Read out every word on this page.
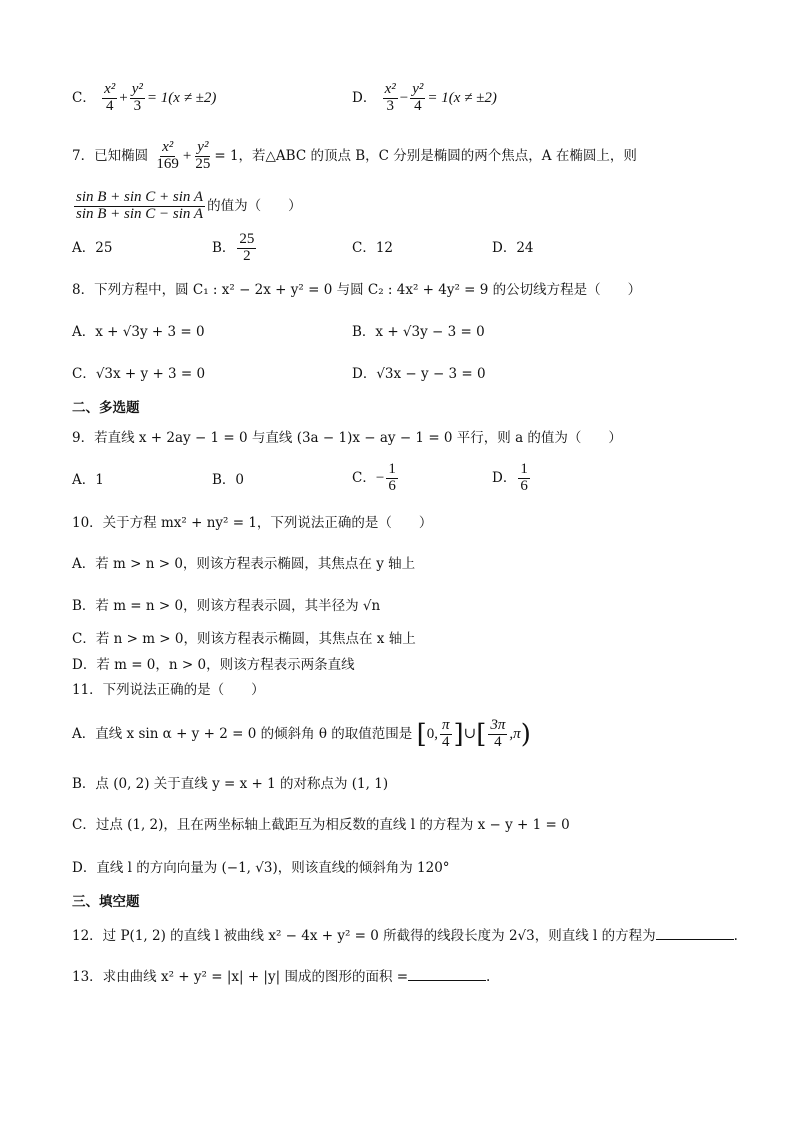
C． $\frac{\text{x²}}{4} + \frac{\text{y²}}{3} = 1(x \ne \pm 2)$	D． $\frac{\text{x²}}{3} - \frac{\text{y²}}{4} = 1(x \ne \pm 2)$
7．已知椭圆 $\frac{\text{x²}}{169} + \frac{\text{y²}}{25} = 1$，若△ABC 的顶点 B，C 分别是椭圆的两个焦点，A 在椭圆上，则
$\frac{\text{sin B + sin C + sin A}}{\text{sin B + sin C − sin A}}$ 的值为（　　）
A．25	B． $\frac{25}{2}$	C．12	D．24
8．下列方程中，圆 C₁ : x² − 2x + y² = 0 与圆 C₂ : 4x² + 4y² = 9 的公切线方程是（　　）
A．x + √3y + 3 = 0	B．x + √3y − 3 = 0
C．√3x + y + 3 = 0	D．√3x − y − 3 = 0
二、多选题
9．若直线 x + 2ay − 1 = 0 与直线 (3a − 1)x − ay − 1 = 0 平行，则 a 的值为（　　）
A．1	B．0	C．− $\frac{1}{6}$	D． $\frac{1}{6}$
10．关于方程 mx² + ny² = 1，下列说法正确的是（　　）
A．若 m > n > 0，则该方程表示椭圆，其焦点在 y 轴上
B．若 m = n > 0，则该方程表示圆，其半径为 √n
C．若 n > m > 0，则该方程表示椭圆，其焦点在 x 轴上
D．若 m = 0，n > 0，则该方程表示两条直线
11．下列说法正确的是（　　）
A．直线 x sin α + y + 2 = 0 的倾斜角 θ 的取值范围是 [0, $\frac{\pi}{4}$ ]∪[ $\frac{3\pi}{4} ,\pi$)
B．点 (0, 2) 关于直线 y = x + 1 的对称点为 (1, 1)
C．过点 (1, 2)，且在两坐标轴上截距互为相反数的直线 l 的方程为 x − y + 1 = 0
D．直线 l 的方向向量为 (−1, √3)，则该直线的倾斜角为 120°
三、填空题
12．过 P(1, 2) 的直线 l 被曲线 x² − 4x + y² = 0 所截得的线段长度为 2√3，则直线 l 的方程为	.
13．求由曲线 x² + y² = |x| + |y| 围成的图形的面积 =	.
